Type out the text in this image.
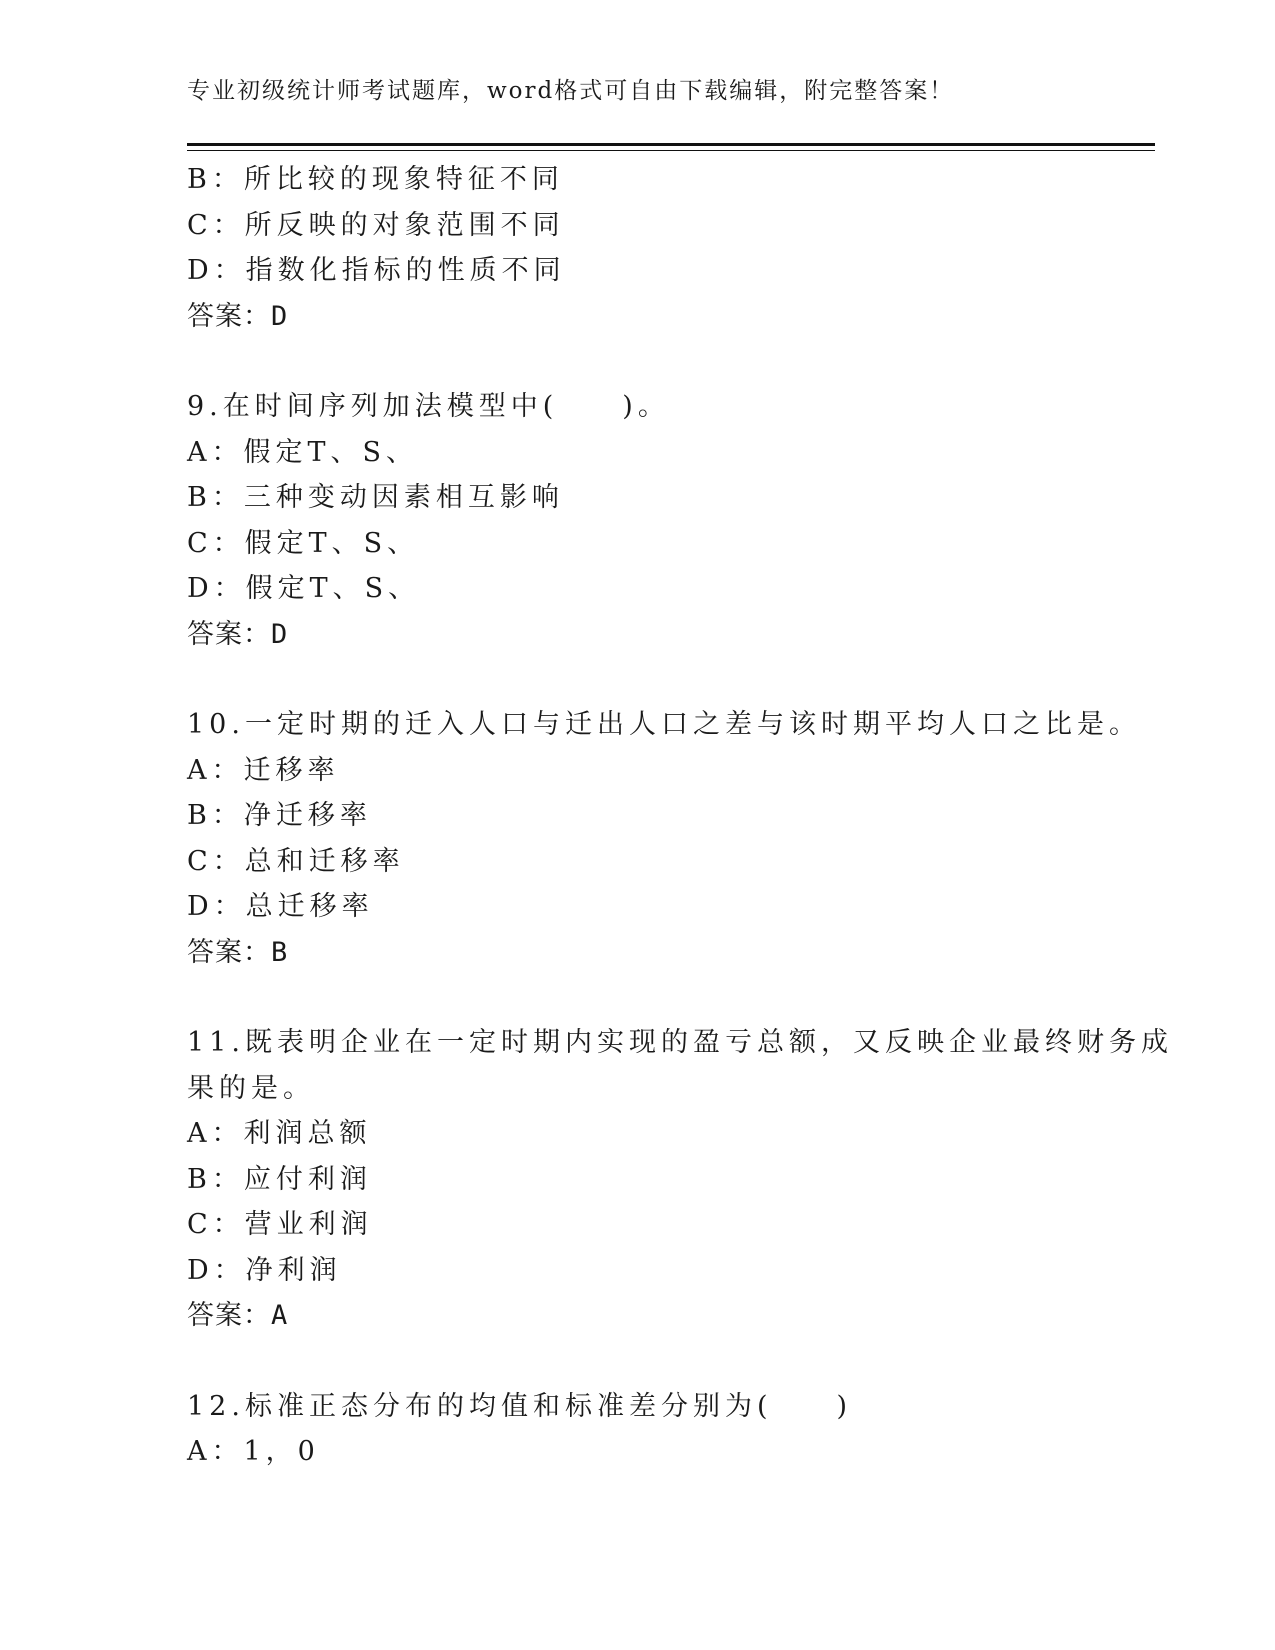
专业初级统计师考试题库，word格式可自由下载编辑，附完整答案！
B：所比较的现象特征不同
C：所反映的对象范围不同
D：指数化指标的性质不同
答案：D
9.在时间序列加法模型中(　　)。
A：假定T、S、
B：三种变动因素相互影响
C：假定T、S、
D：假定T、S、
答案：D
10.一定时期的迁入人口与迁出人口之差与该时期平均人口之比是。
A：迁移率
B：净迁移率
C：总和迁移率
D：总迁移率
答案：B
11.既表明企业在一定时期内实现的盈亏总额，又反映企业最终财务成
果的是。
A：利润总额
B：应付利润
C：营业利润
D：净利润
答案：A
12.标准正态分布的均值和标准差分别为(　　)
A：1，0
